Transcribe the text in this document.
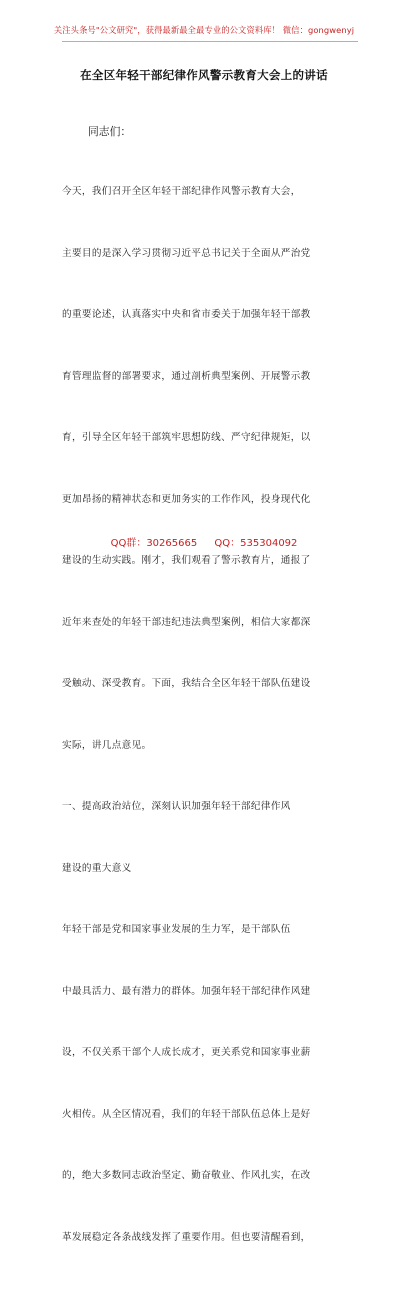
关注头条号"公文研究"，获得最新最全最专业的公文资料库！ 微信：gongwenyj
在全区年轻干部纪律作风警示教育大会上的讲话
同志们：

今天，我们召开全区年轻干部纪律作风警示教育大会，

主要目的是深入学习贯彻习近平总书记关于全面从严治党

的重要论述，认真落实中央和省市委关于加强年轻干部教

育管理监督的部署要求，通过剖析典型案例、开展警示教

育，引导全区年轻干部筑牢思想防线、严守纪律规矩，以

更加昂扬的精神状态和更加务实的工作作风，投身现代化

建设的生动实践。刚才，我们观看了警示教育片，通报了

近年来查处的年轻干部违纪违法典型案例，相信大家都深

受触动、深受教育。下面，我结合全区年轻干部队伍建设

实际，讲几点意见。

一、提高政治站位，深刻认识加强年轻干部纪律作风

建设的重大意义

年轻干部是党和国家事业发展的生力军，是干部队伍

中最具活力、最有潜力的群体。加强年轻干部纪律作风建

设，不仅关系干部个人成长成才，更关系党和国家事业薪

火相传。从全区情况看，我们的年轻干部队伍总体上是好

的，绝大多数同志政治坚定、勤奋敬业、作风扎实，在改

革发展稳定各条战线发挥了重要作用。但也要清醒看到，

QQ群：30265665 QQ：535304092
